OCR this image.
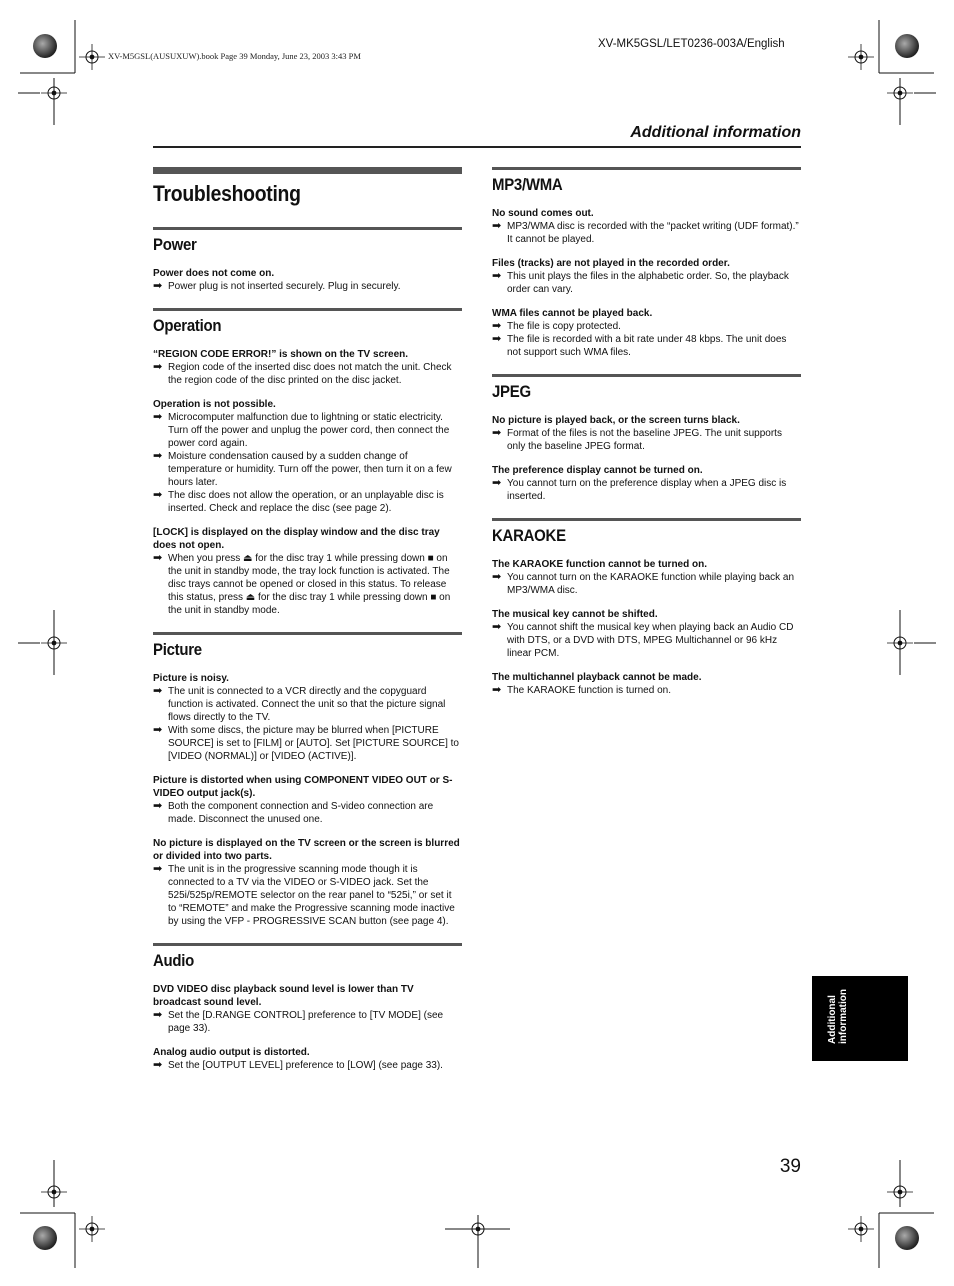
XV-M5GSL(AUSUXUW).book Page 39 Monday, June 23, 2003 3:43 PM
XV-MK5GSL/LET0236-003A/English
Additional information
Troubleshooting
Power

Power does not come on.

➡ Power plug is not inserted securely. Plug in securely.

Operation

“REGION CODE ERROR!” is shown on the TV screen.

➡ Region code of the inserted disc does not match the unit. Check the region code of the disc printed on the disc jacket.

Operation is not possible.

➡ Microcomputer malfunction due to lightning or static electricity. Turn off the power and unplug the power cord, then connect the power cord again.

➡ Moisture condensation caused by a sudden change of temperature or humidity. Turn off the power, then turn it on a few hours later.

➡ The disc does not allow the operation, or an unplayable disc is inserted. Check and replace the disc (see page 2).

[LOCK] is displayed on the display window and the disc tray does not open.

➡ When you press ⏏ for the disc tray 1 while pressing down ■ on the unit in standby mode, the tray lock function is activated. The disc trays cannot be opened or closed in this status. To release this status, press ⏏ for the disc tray 1 while pressing down ■ on the unit in standby mode.

Picture

Picture is noisy.

➡ The unit is connected to a VCR directly and the copyguard function is activated. Connect the unit so that the picture signal flows directly to the TV.

➡ With some discs, the picture may be blurred when [PICTURE SOURCE] is set to [FILM] or [AUTO]. Set [PICTURE SOURCE] to [VIDEO (NORMAL)] or [VIDEO (ACTIVE)].

Picture is distorted when using COMPONENT VIDEO OUT or S-VIDEO output jack(s).

➡ Both the component connection and S-video connection are made. Disconnect the unused one.

No picture is displayed on the TV screen or the screen is blurred or divided into two parts.

➡ The unit is in the progressive scanning mode though it is connected to a TV via the VIDEO or S-VIDEO jack. Set the 525i/525p/REMOTE selector on the rear panel to “525i,” or set it to “REMOTE” and make the Progressive scanning mode inactive by using the VFP - PROGRESSIVE SCAN button (see page 4).

Audio

DVD VIDEO disc playback sound level is lower than TV broadcast sound level.

➡ Set the [D.RANGE CONTROL] preference to [TV MODE] (see page 33).

Analog audio output is distorted.

➡ Set the [OUTPUT LEVEL] preference to [LOW] (see page 33).

MP3/WMA

No sound comes out.

➡ MP3/WMA disc is recorded with the “packet writing (UDF format).” It cannot be played.

Files (tracks) are not played in the recorded order.

➡ This unit plays the files in the alphabetic order. So, the playback order can vary.

WMA files cannot be played back.

➡ The file is copy protected.

➡ The file is recorded with a bit rate under 48 kbps. The unit does not support such WMA files.

JPEG

No picture is played back, or the screen turns black.

➡ Format of the files is not the baseline JPEG. The unit supports only the baseline JPEG format.

The preference display cannot be turned on.

➡ You cannot turn on the preference display when a JPEG disc is inserted.

KARAOKE

The KARAOKE function cannot be turned on.

➡ You cannot turn on the KARAOKE function while playing back an MP3/WMA disc.

The musical key cannot be shifted.

➡ You cannot shift the musical key when playing back an Audio CD with DTS, or a DVD with DTS, MPEG Multichannel or 96 kHz linear PCM.

The multichannel playback cannot be made.

➡ The KARAOKE function is turned on.

Additional information
39
